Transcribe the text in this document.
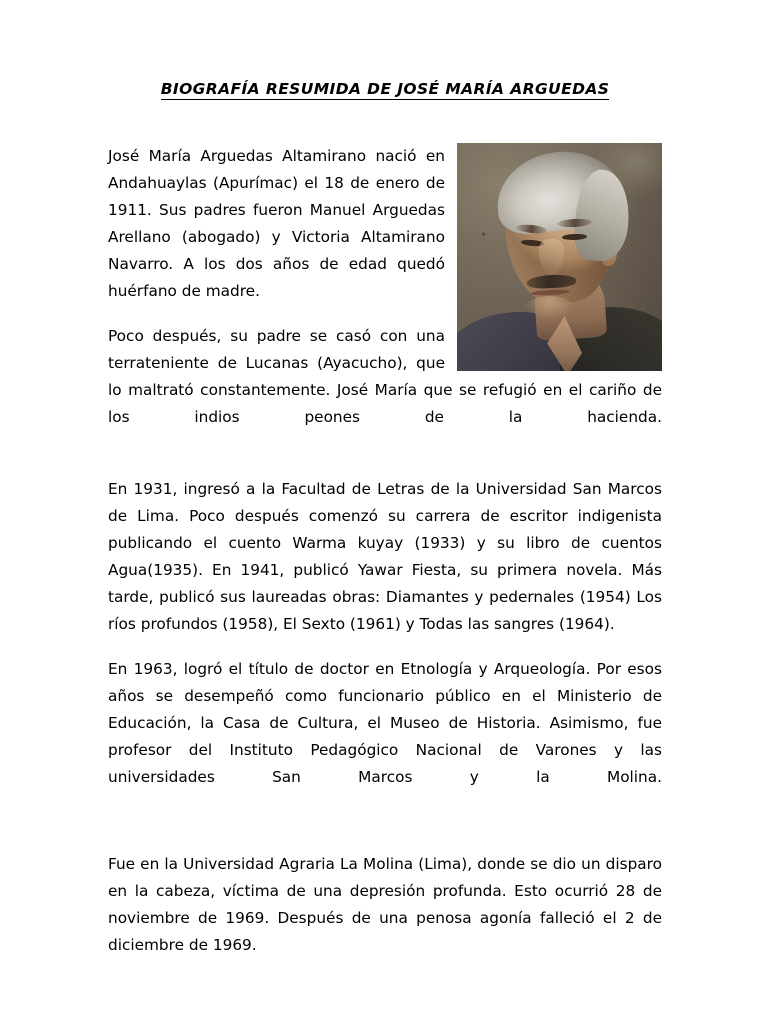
BIOGRAFÍA RESUMIDA DE JOSÉ MARÍA ARGUEDAS

José María Arguedas Altamirano nació en Andahuaylas (Apurímac) el 18 de enero de 1911. Sus padres fueron Manuel Arguedas Arellano (abogado) y Victoria Altamirano Navarro. A los dos años de edad quedó huérfano de madre.

Poco después, su padre se casó con una terrateniente de Lucanas (Ayacucho), que lo maltrató constantemente. José María que se refugió en el cariño de los indios peones de la hacienda.

En 1931, ingresó a la Facultad de Letras de la Universidad San Marcos de Lima. Poco después comenzó su carrera de escritor indigenista publicando el cuento Warma kuyay (1933) y su libro de cuentos Agua(1935). En 1941, publicó Yawar Fiesta, su primera novela. Más tarde, publicó sus laureadas obras: Diamantes y pedernales (1954) Los ríos profundos (1958), El Sexto (1961) y Todas las sangres (1964).

En 1963, logró el título de doctor en Etnología y Arqueología. Por esos años se desempeñó como funcionario público en el Ministerio de Educación, la Casa de Cultura, el Museo de Historia. Asimismo, fue profesor del Instituto Pedagógico Nacional de Varones y las universidades San Marcos y la Molina.

Fue en la Universidad Agraria La Molina (Lima), donde se dio un disparo en la cabeza, víctima de una depresión profunda. Esto ocurrió 28 de noviembre de 1969. Después de una penosa agonía falleció el 2 de diciembre de 1969.
